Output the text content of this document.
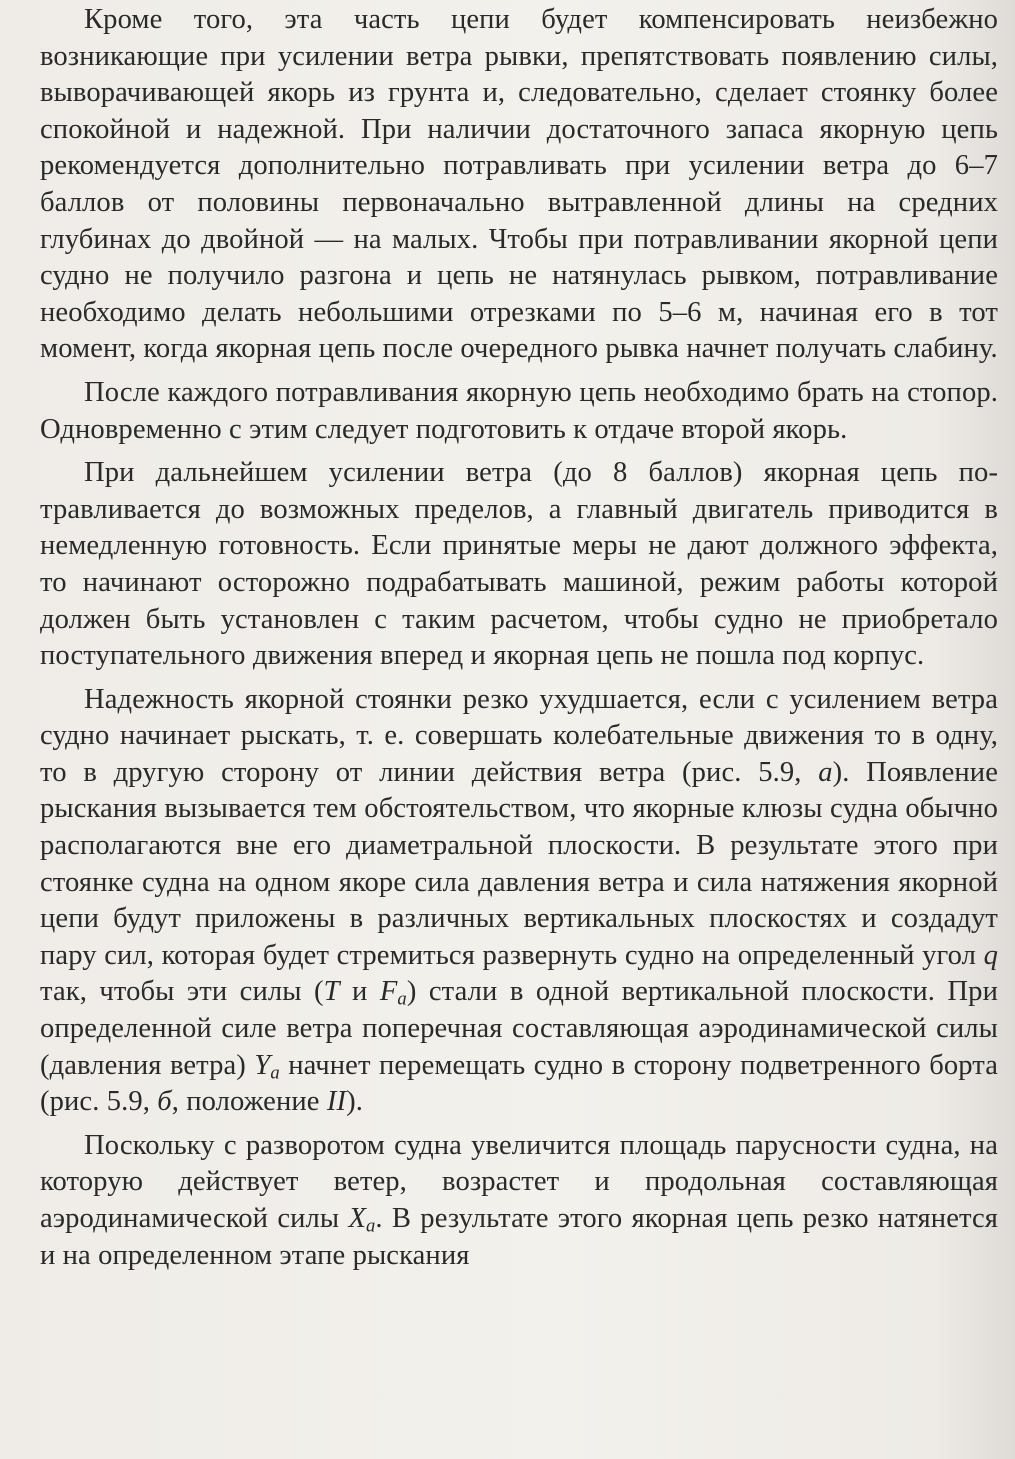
Кроме того, эта часть цепи будет компенсировать неизбежно возникающие при усилении ветра рывки, препятствовать появлению силы, выворачивающей якорь из грунта и, следовательно, сделает стоянку более спокойной и надежной. При наличии достаточного запаса якорную цепь рекомендуется дополнительно потравливать при усилении ветра до 6–7 баллов от половины первоначально вытравленной длины на средних глубинах до двойной — на малых. Чтобы при потравливании якорной цепи судно не получило разгона и цепь не натянулась рывком, потравливание необходимо делать небольшими отрезками по 5–6 м, начиная его в тот момент, когда якорная цепь после очередного рывка начнет получать слабину.

После каждого потравливания якорную цепь необходимо брать на стопор. Одновременно с этим следует подготовить к отдаче второй якорь.

При дальнейшем усилении ветра (до 8 баллов) якорная цепь потравливается до возможных пределов, а главный двигатель приводится в немедленную готовность. Если принятые меры не дают должного эффекта, то начинают осторожно подрабатывать машиной, режим работы которой должен быть установлен с таким расчетом, чтобы судно не приобретало поступательного движения вперед и якорная цепь не пошла под корпус.

Надежность якорной стоянки резко ухудшается, если с усилением ветра судно начинает рыскать, т. е. совершать колебательные движения то в одну, то в другую сторону от линии действия ветра (рис. 5.9, а). Появление рыскания вызывается тем обстоятельством, что якорные клюзы судна обычно располагаются вне его диаметральной плоскости. В результате этого при стоянке судна на одном якоре сила давления ветра и сила натяжения якорной цепи будут приложены в различных вертикальных плоскостях и создадут пару сил, которая будет стремиться развернуть судно на определенный угол q так, чтобы эти силы (T и $F_a$) стали в одной вертикальной плоскости. При определенной силе ветра поперечная составляющая аэродинамической силы (давления ветра) $Y_a$ начнет перемещать судно в сторону подветренного борта (рис. 5.9, б, положение II).

Поскольку с разворотом судна увеличится площадь парусности судна, на которую действует ветер, возрастет и продольная составляющая аэродинамической силы $X_a$. В результате этого якорная цепь резко натянется и на определенном этапе рыскания
